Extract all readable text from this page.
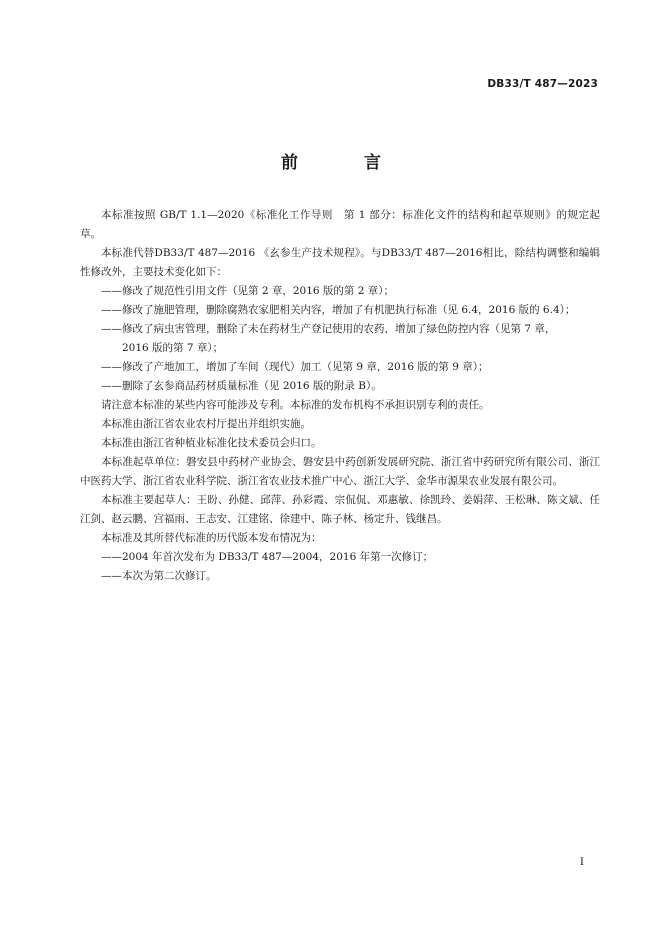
DB33/T 487—2023
前 言

本标准按照 GB/T 1.1—2020《标准化工作导则　第 1 部分：标准化文件的结构和起草规则》的规定起草。

本标准代替DB33/T 487—2016 《玄参生产技术规程》。与DB33/T 487—2016相比，除结构调整和编辑性修改外，主要技术变化如下：

——修改了规范性引用文件（见第 2 章，2016 版的第 2 章）；

——修改了施肥管理，删除腐熟农家肥相关内容，增加了有机肥执行标准（见 6.4，2016 版的 6.4）；

——修改了病虫害管理，删除了未在药材生产登记使用的农药，增加了绿色防控内容（见第 7 章，

2016 版的第 7 章）；

——修改了产地加工，增加了车间（现代）加工（见第 9 章，2016 版的第 9 章）；

——删除了玄参商品药材质量标准（见 2016 版的附录 B）。

请注意本标准的某些内容可能涉及专利。本标准的发布机构不承担识别专利的责任。

本标准由浙江省农业农村厅提出并组织实施。

本标准由浙江省种植业标准化技术委员会归口。

本标准起草单位：磐安县中药材产业协会、磐安县中药创新发展研究院、浙江省中药研究所有限公司、浙江中医药大学、浙江省农业科学院、浙江省农业技术推广中心、浙江大学、金华市源果农业发展有限公司。

本标准主要起草人：王盼、孙健、邱萍、孙彩霞、宗侃侃、邓惠敏、徐凯玲、姜娟萍、王松琳、陈文斌、任江剑、赵云鹏、宫福雨、王志安、江建铭、徐建中、陈子林、杨定升、钱继昌。

本标准及其所替代标准的历代版本发布情况为：

——2004 年首次发布为 DB33/T 487—2004，2016 年第一次修订；

——本次为第二次修订。

I
